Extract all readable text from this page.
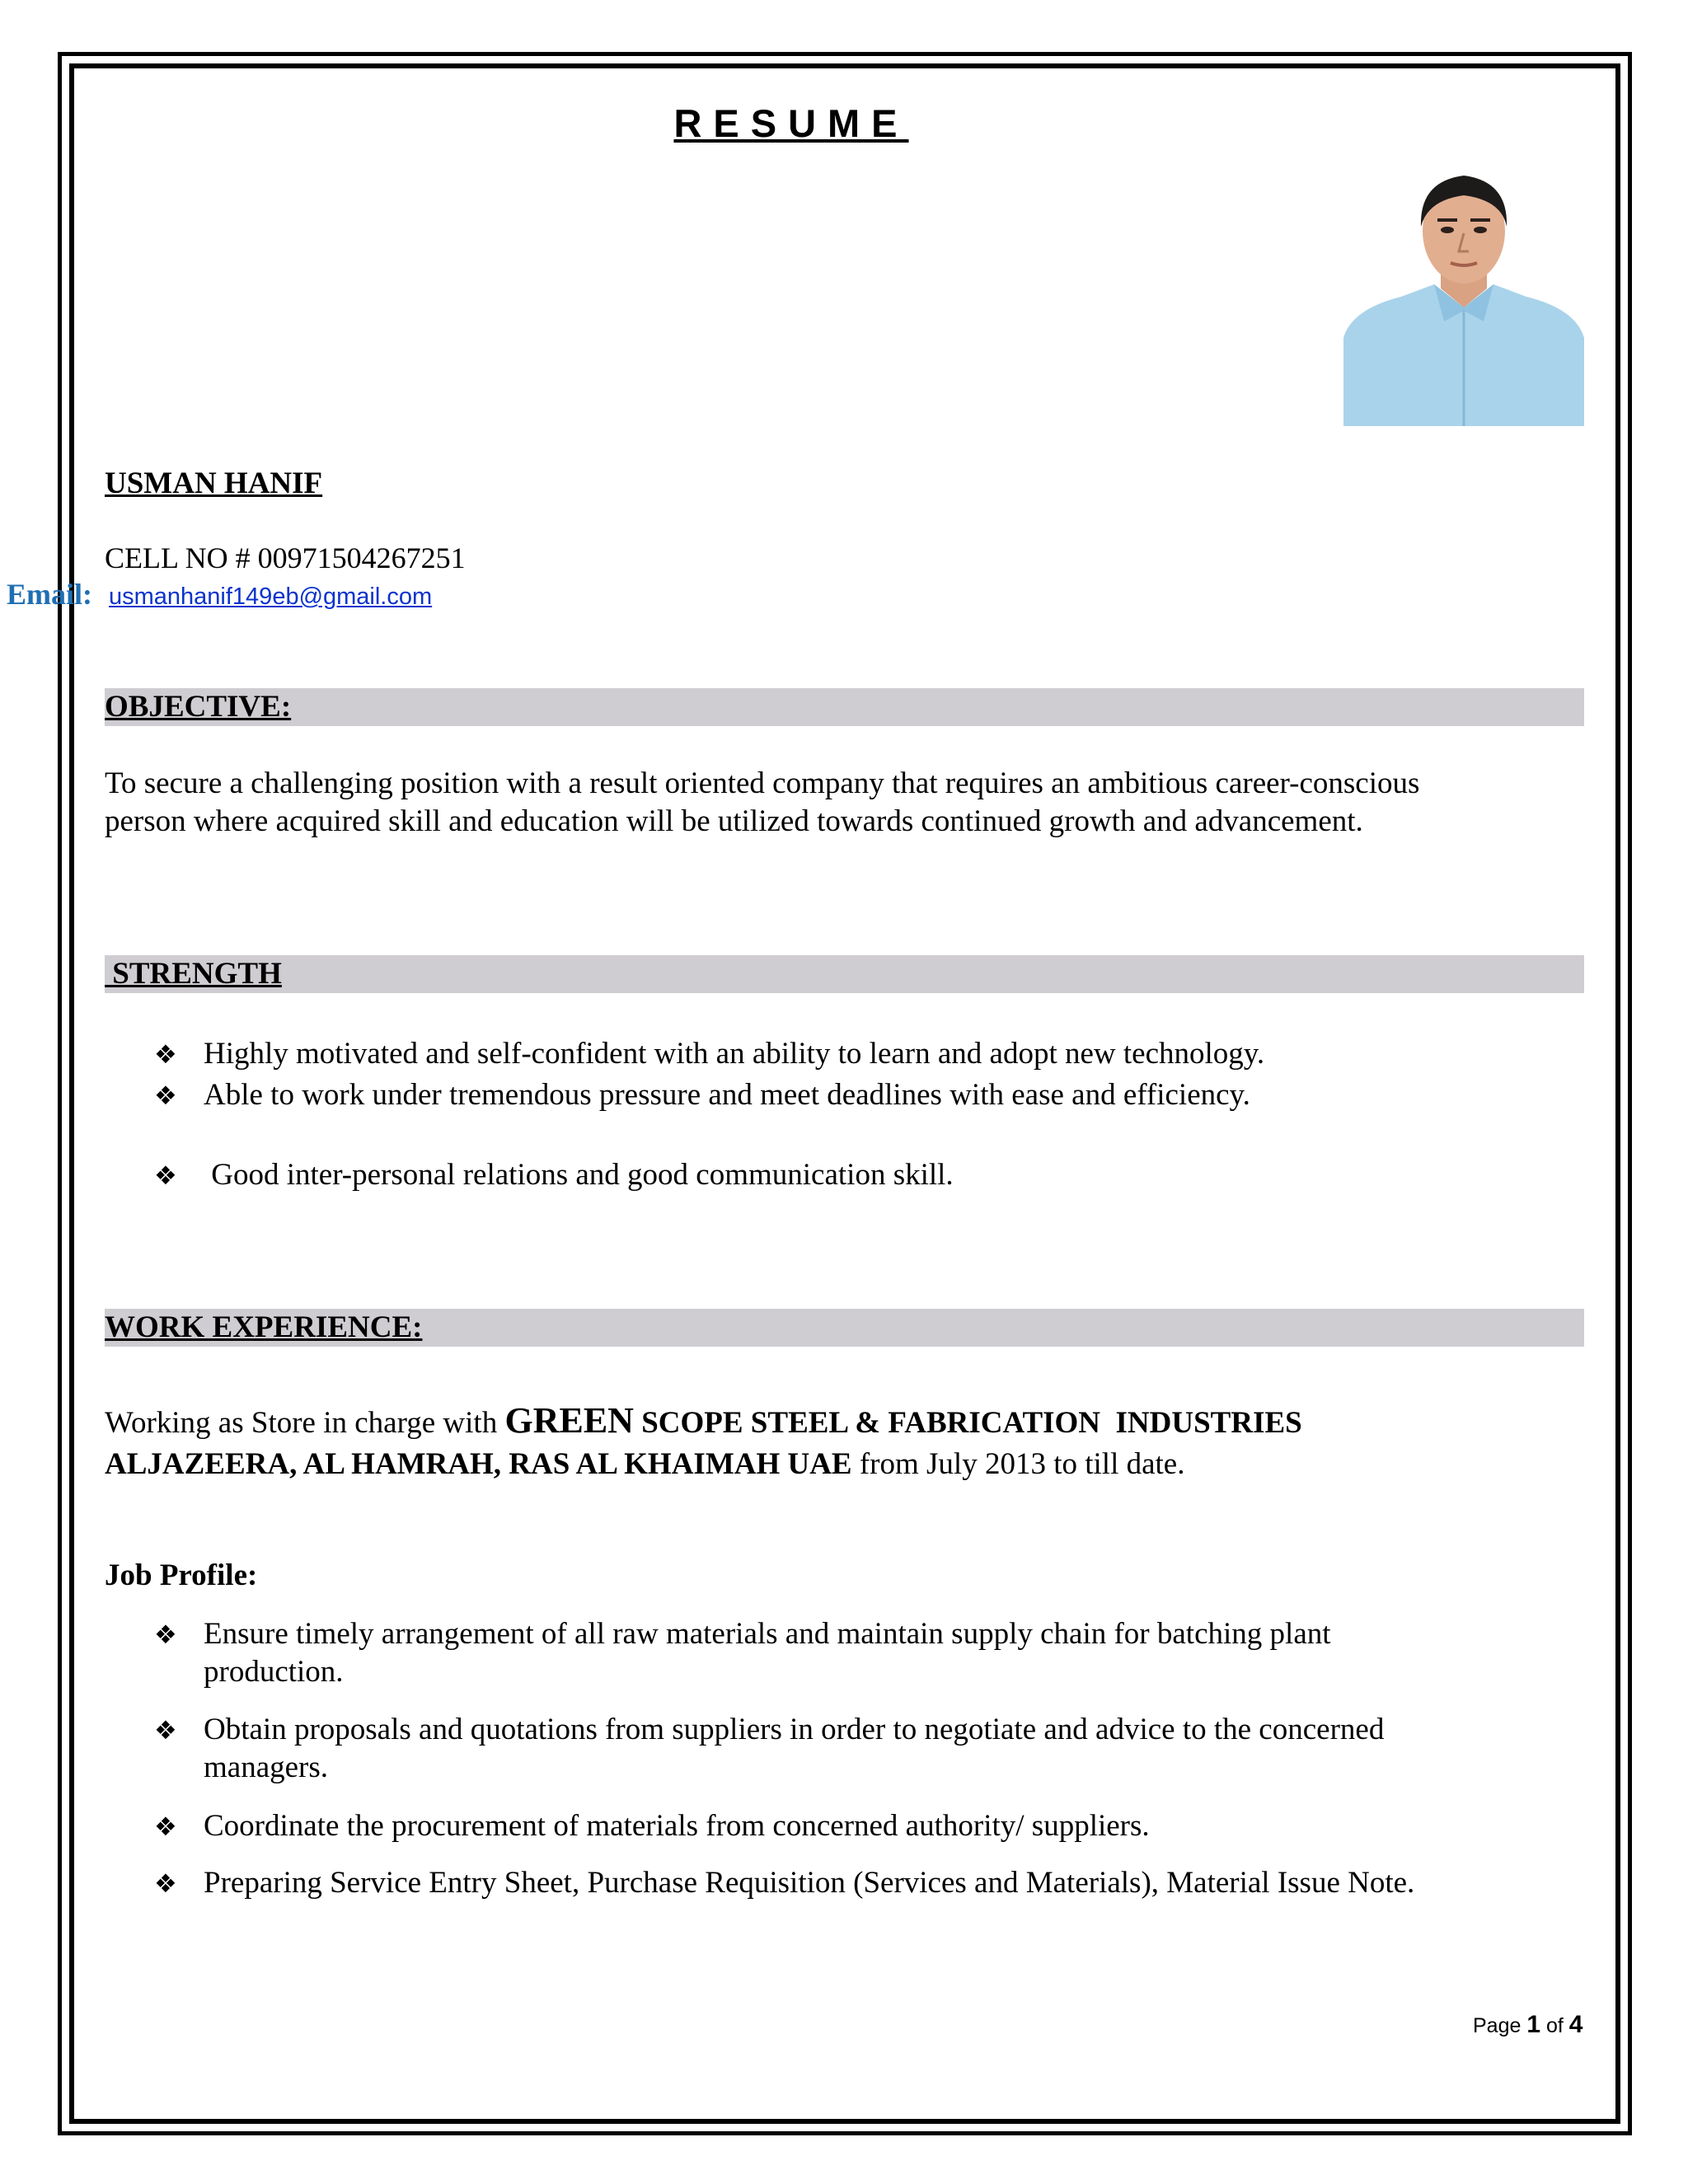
RESUME
USMAN HANIF
CELL NO # 00971504267251
Email: usmanhanif149eb@gmail.com
OBJECTIVE:
To secure a challenging position with a result oriented company that requires an ambitious career-conscious
person where acquired skill and education will be utilized towards continued growth and advancement.
STRENGTH
❖ Highly motivated and self-confident with an ability to learn and adopt new technology.
❖ Able to work under tremendous pressure and meet deadlines with ease and efficiency.
❖ Good inter-personal relations and good communication skill.
WORK EXPERIENCE:
Working as Store in charge with GREEN SCOPE STEEL & FABRICATION  INDUSTRIES
ALJAZEERA, AL HAMRAH, RAS AL KHAIMAH UAE from July 2013 to till date.
Job Profile:
❖ Ensure timely arrangement of all raw materials and maintain supply chain for batching plant production.
❖ Obtain proposals and quotations from suppliers in order to negotiate and advice to the concerned managers.
❖ Coordinate the procurement of materials from concerned authority/ suppliers.
❖ Preparing Service Entry Sheet, Purchase Requisition (Services and Materials), Material Issue Note.
Page 1 of 4
